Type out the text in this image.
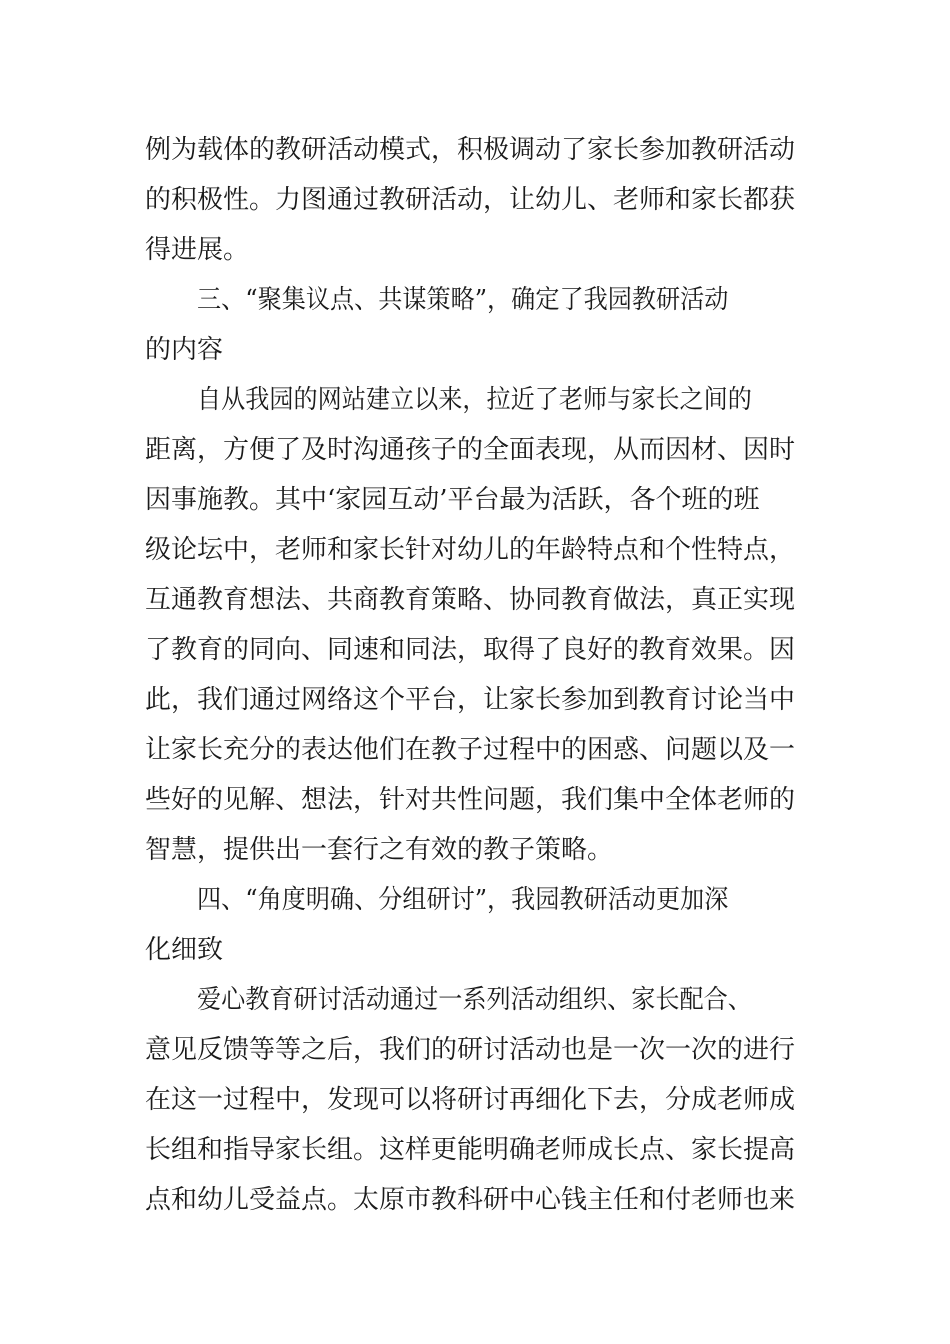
例为载体的教研活动模式，积极调动了家长参加教研活动
的积极性。力图通过教研活动，让幼儿、老师和家长都获
得进展。
三、“聚集议点、共谋策略”，确定了我园教研活动
的内容
自从我园的网站建立以来，拉近了老师与家长之间的
距离，方便了及时沟通孩子的全面表现，从而因材、因时
因事施教。其中‘家园互动’平台最为活跃，各个班的班
级论坛中，老师和家长针对幼儿的年龄特点和个性特点，
互通教育想法、共商教育策略、协同教育做法，真正实现
了教育的同向、同速和同法，取得了良好的教育效果。因
此，我们通过网络这个平台，让家长参加到教育讨论当中
让家长充分的表达他们在教子过程中的困惑、问题以及一
些好的见解、想法，针对共性问题，我们集中全体老师的
智慧，提供出一套行之有效的教子策略。
四、“角度明确、分组研讨”，我园教研活动更加深
化细致
爱心教育研讨活动通过一系列活动组织、家长配合、
意见反馈等等之后，我们的研讨活动也是一次一次的进行
在这一过程中，发现可以将研讨再细化下去，分成老师成
长组和指导家长组。这样更能明确老师成长点、家长提高
点和幼儿受益点。太原市教科研中心钱主任和付老师也来
